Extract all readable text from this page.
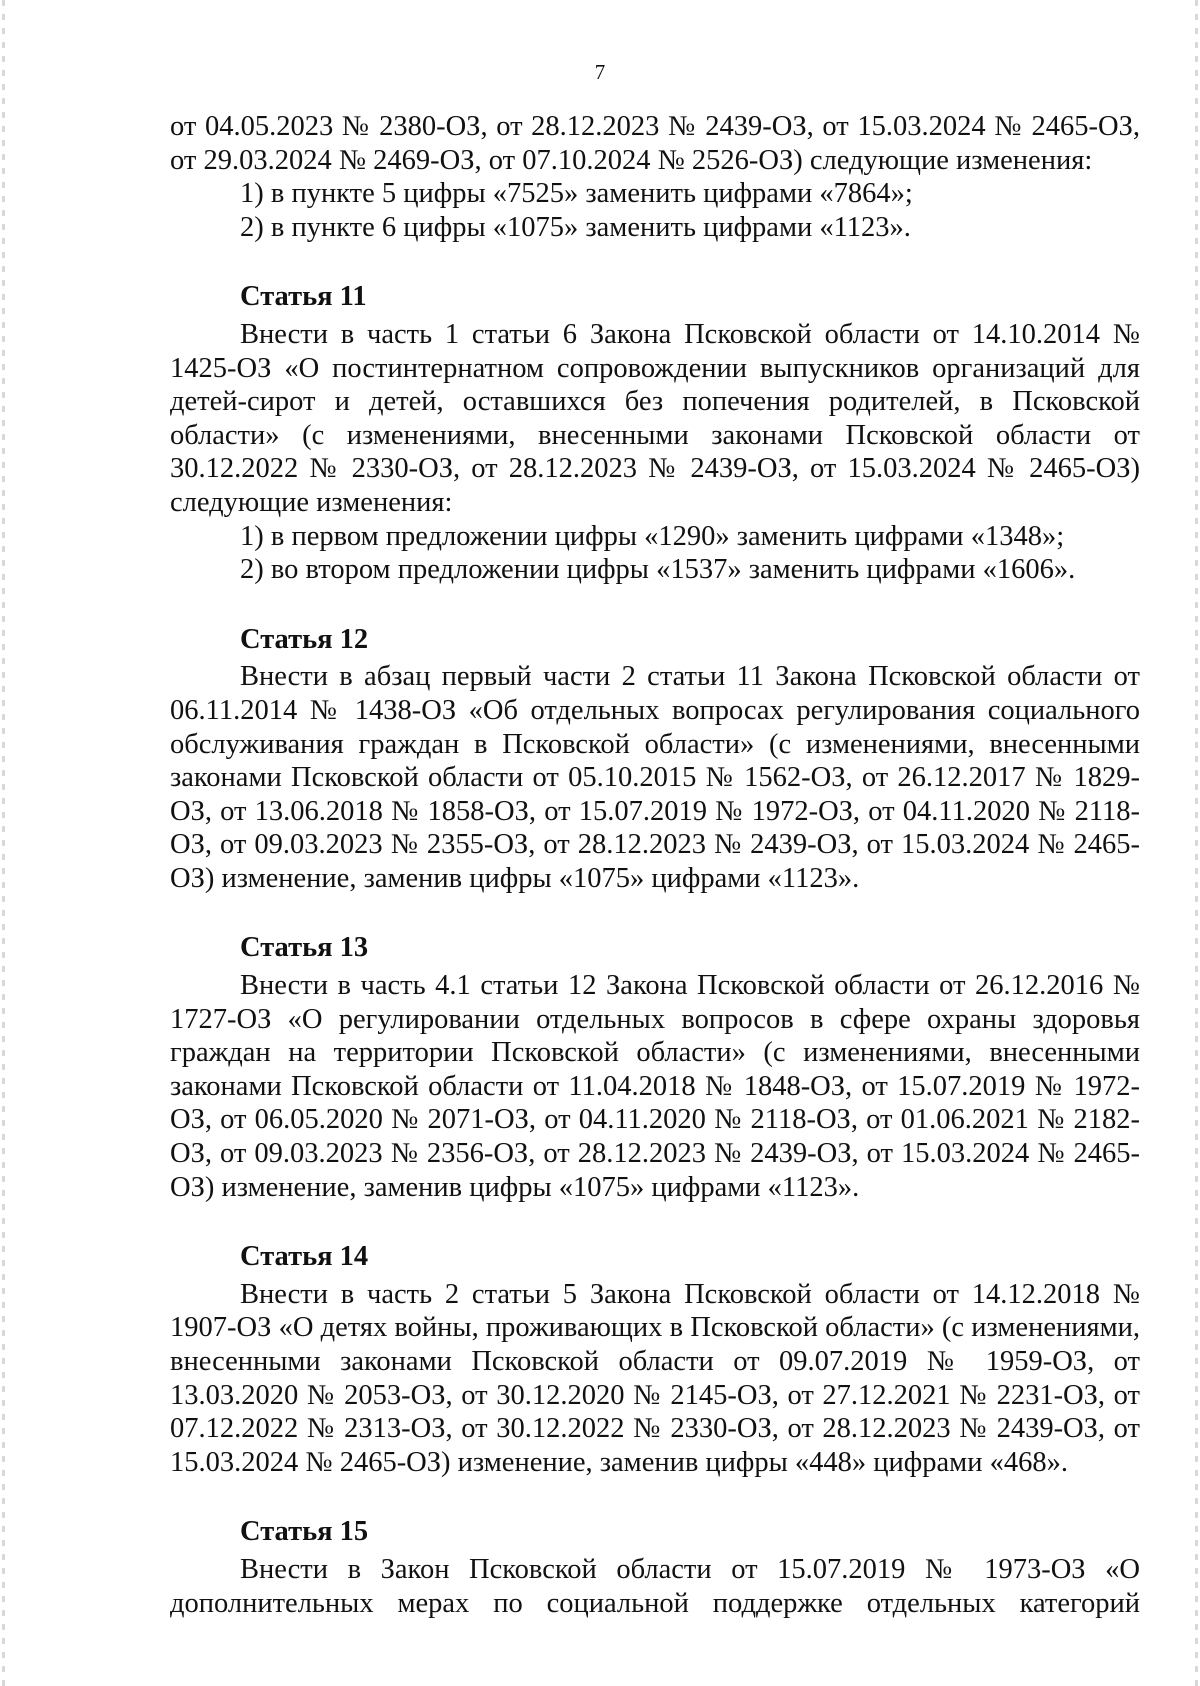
7

от 04.05.2023 № 2380-ОЗ, от 28.12.2023 № 2439-ОЗ, от 15.03.2024 № 2465-ОЗ, от 29.03.2024 № 2469-ОЗ, от 07.10.2024 № 2526-ОЗ) следующие изменения:

1) в пункте 5 цифры «7525» заменить цифрами «7864»;

2) в пункте 6 цифры «1075» заменить цифрами «1123».

Статья 11

Внести в часть 1 статьи 6 Закона Псковской области от 14.10.2014 № 1425-ОЗ «О постинтернатном сопровождении выпускников организаций для детей-сирот и детей, оставшихся без попечения родителей, в Псковской области» (с изменениями, внесенными законами Псковской области от 30.12.2022 № 2330-ОЗ, от 28.12.2023 № 2439-ОЗ, от 15.03.2024 № 2465-ОЗ) следующие изменения:

1) в первом предложении цифры «1290» заменить цифрами «1348»;

2) во втором предложении цифры «1537» заменить цифрами «1606».

Статья 12

Внести в абзац первый части 2 статьи 11 Закона Псковской области от 06.11.2014 № 1438-ОЗ «Об отдельных вопросах регулирования социального обслуживания граждан в Псковской области» (с изменениями, внесенными законами Псковской области от 05.10.2015 № 1562-ОЗ, от 26.12.2017 № 1829-ОЗ, от 13.06.2018 № 1858-ОЗ, от 15.07.2019 № 1972-ОЗ, от 04.11.2020 № 2118-ОЗ, от 09.03.2023 № 2355-ОЗ, от 28.12.2023 № 2439-ОЗ, от 15.03.2024 № 2465-ОЗ) изменение, заменив цифры «1075» цифрами «1123».

Статья 13

Внести в часть 4.1 статьи 12 Закона Псковской области от 26.12.2016 № 1727-ОЗ «О регулировании отдельных вопросов в сфере охраны здоровья граждан на территории Псковской области» (с изменениями, внесенными законами Псковской области от 11.04.2018 № 1848-ОЗ, от 15.07.2019 № 1972-ОЗ, от 06.05.2020 № 2071-ОЗ, от 04.11.2020 № 2118-ОЗ, от 01.06.2021 № 2182-ОЗ, от 09.03.2023 № 2356-ОЗ, от 28.12.2023 № 2439-ОЗ, от 15.03.2024 № 2465-ОЗ) изменение, заменив цифры «1075» цифрами «1123».

Статья 14

Внести в часть 2 статьи 5 Закона Псковской области от 14.12.2018 № 1907-ОЗ «О детях войны, проживающих в Псковской области» (с изменениями, внесенными законами Псковской области от 09.07.2019 № 1959-ОЗ, от 13.03.2020 № 2053-ОЗ, от 30.12.2020 № 2145-ОЗ, от 27.12.2021 № 2231-ОЗ, от 07.12.2022 № 2313-ОЗ, от 30.12.2022 № 2330-ОЗ, от 28.12.2023 № 2439-ОЗ, от 15.03.2024 № 2465-ОЗ) изменение, заменив цифры «448» цифрами «468».

Статья 15

Внести в Закон Псковской области от 15.07.2019 № 1973-ОЗ «О дополнительных мерах по социальной поддержке отдельных категорий
